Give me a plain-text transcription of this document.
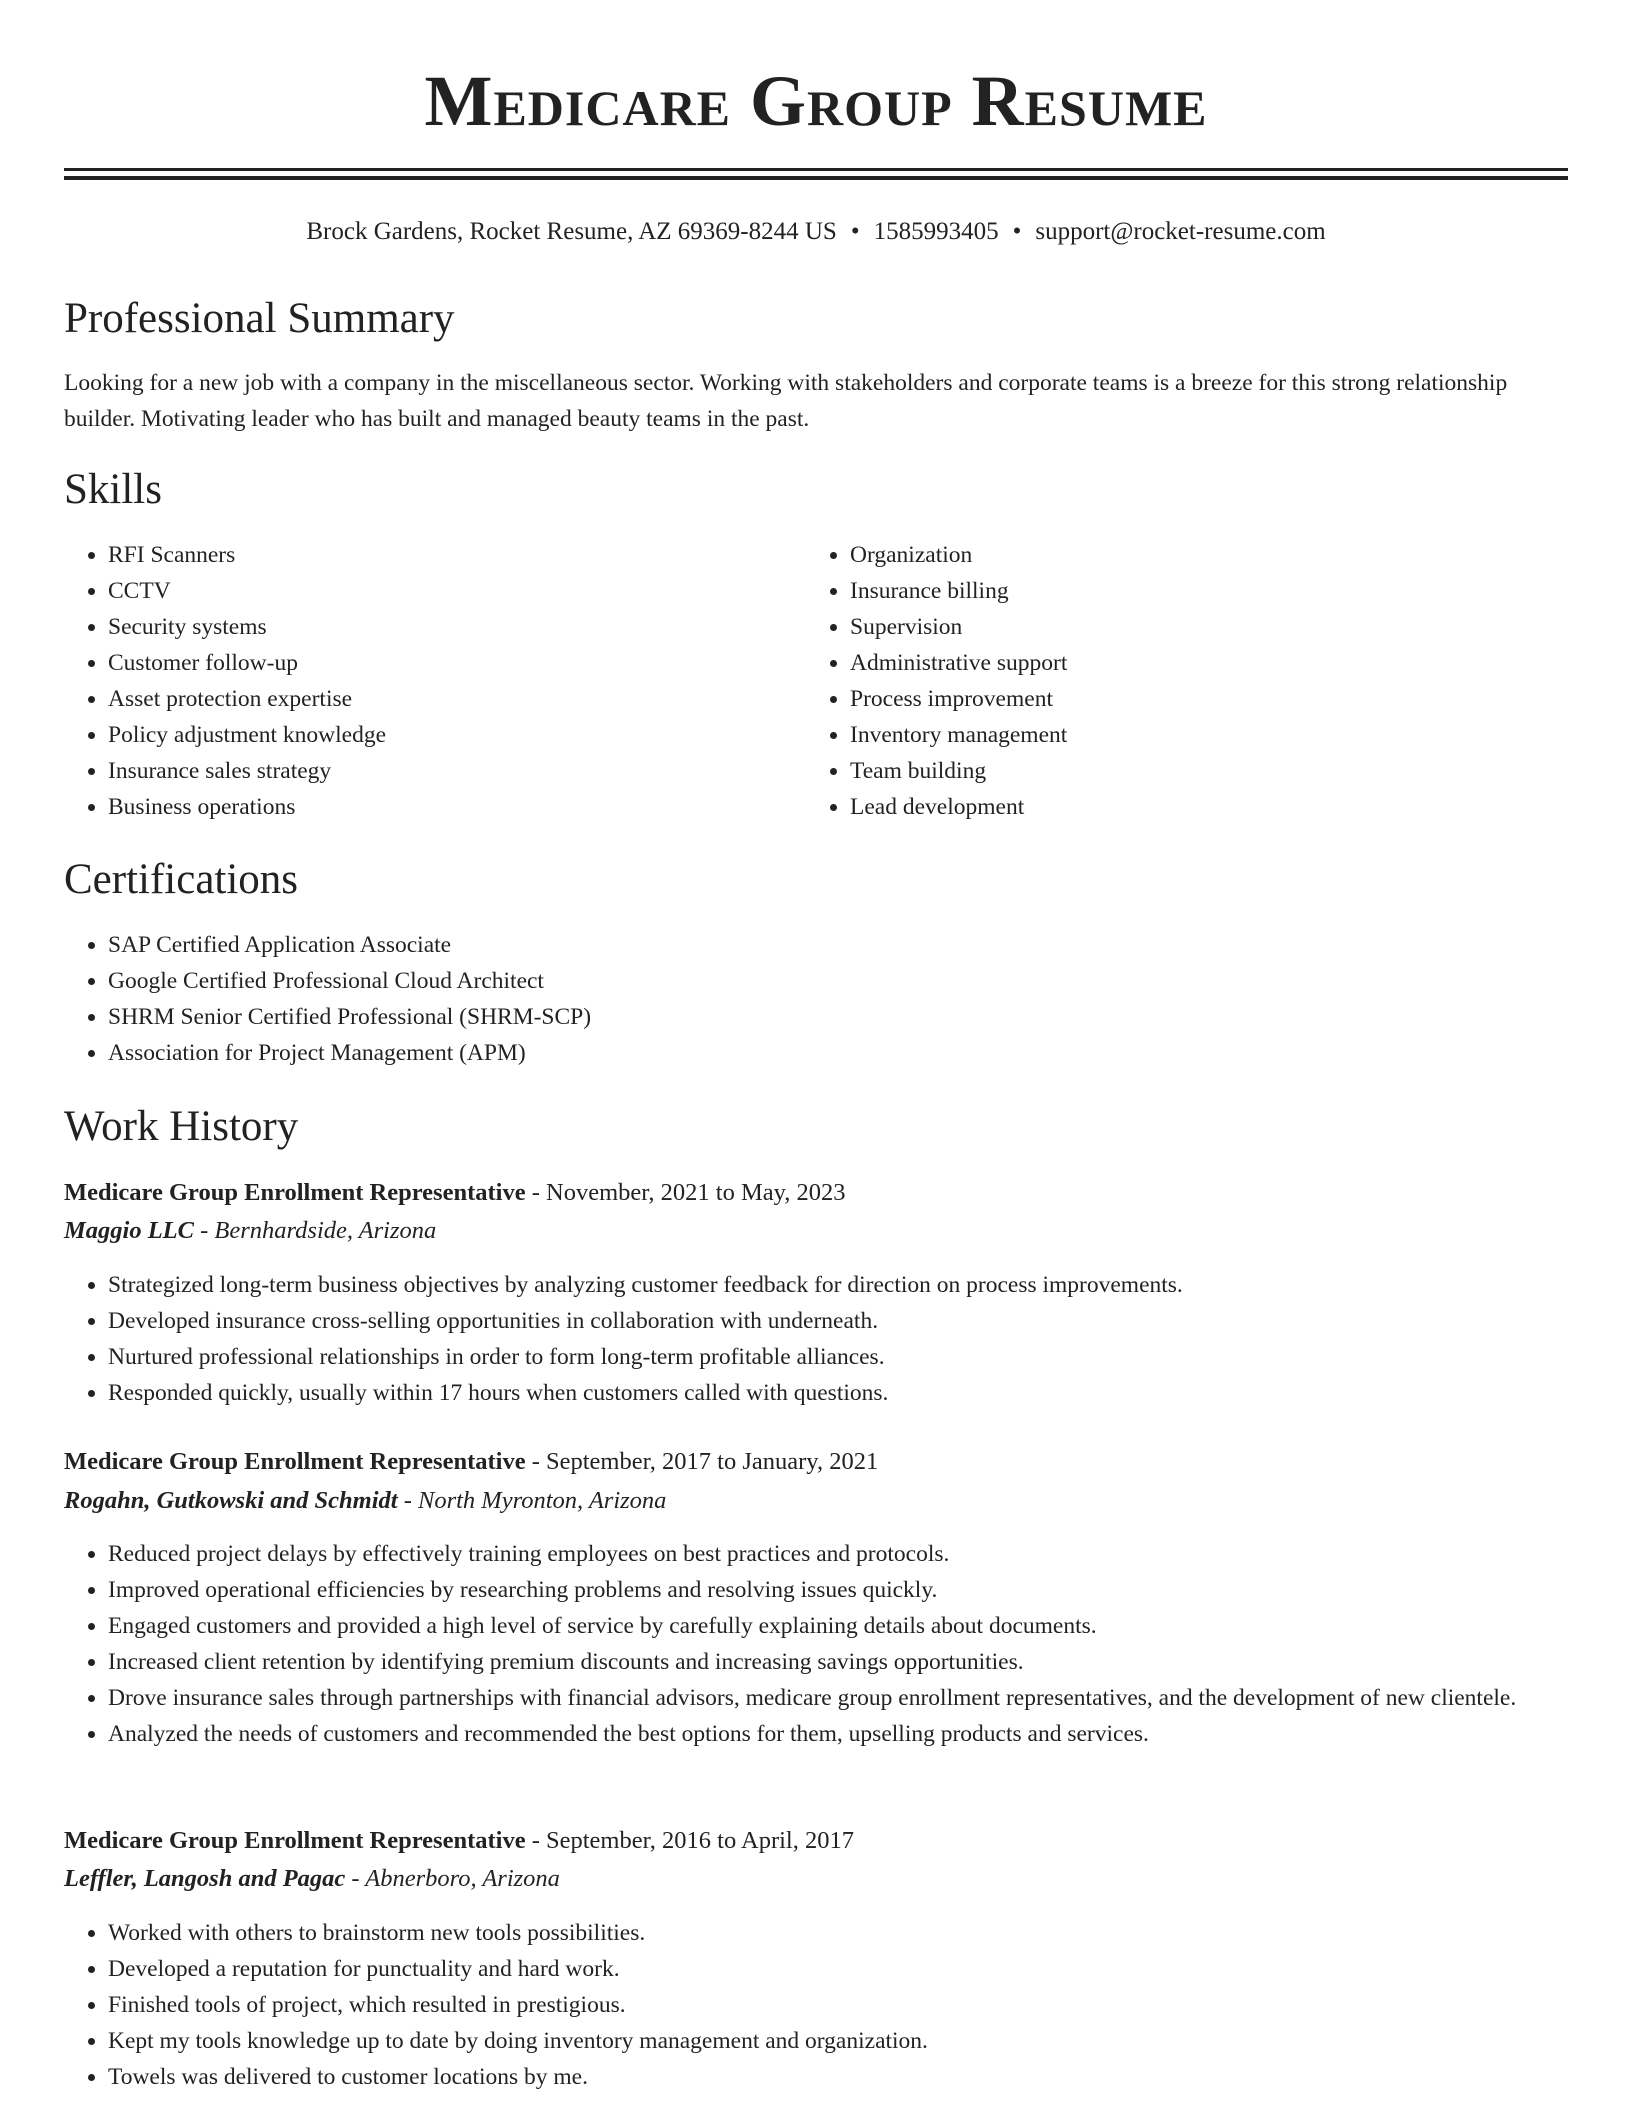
Medicare Group Resume
Brock Gardens, Rocket Resume, AZ 69369-8244 US • 1585993405 • support@rocket-resume.com
Professional Summary
Looking for a new job with a company in the miscellaneous sector. Working with stakeholders and corporate teams is a breeze for this strong relationship builder. Motivating leader who has built and managed beauty teams in the past.
Skills
• RFI Scanners
• CCTV
• Security systems
• Customer follow-up
• Asset protection expertise
• Policy adjustment knowledge
• Insurance sales strategy
• Business operations
• Organization
• Insurance billing
• Supervision
• Administrative support
• Process improvement
• Inventory management
• Team building
• Lead development
Certifications
• SAP Certified Application Associate
• Google Certified Professional Cloud Architect
• SHRM Senior Certified Professional (SHRM-SCP)
• Association for Project Management (APM)
Work History
Medicare Group Enrollment Representative - November, 2021 to May, 2023
Maggio LLC - Bernhardside, Arizona
• Strategized long-term business objectives by analyzing customer feedback for direction on process improvements.
• Developed insurance cross-selling opportunities in collaboration with underneath.
• Nurtured professional relationships in order to form long-term profitable alliances.
• Responded quickly, usually within 17 hours when customers called with questions.
Medicare Group Enrollment Representative - September, 2017 to January, 2021
Rogahn, Gutkowski and Schmidt - North Myronton, Arizona
• Reduced project delays by effectively training employees on best practices and protocols.
• Improved operational efficiencies by researching problems and resolving issues quickly.
• Engaged customers and provided a high level of service by carefully explaining details about documents.
• Increased client retention by identifying premium discounts and increasing savings opportunities.
• Drove insurance sales through partnerships with financial advisors, medicare group enrollment representatives, and the development of new clientele.
• Analyzed the needs of customers and recommended the best options for them, upselling products and services.
Medicare Group Enrollment Representative - September, 2016 to April, 2017
Leffler, Langosh and Pagac - Abnerboro, Arizona
• Worked with others to brainstorm new tools possibilities.
• Developed a reputation for punctuality and hard work.
• Finished tools of project, which resulted in prestigious.
• Kept my tools knowledge up to date by doing inventory management and organization.
• Towels was delivered to customer locations by me.
